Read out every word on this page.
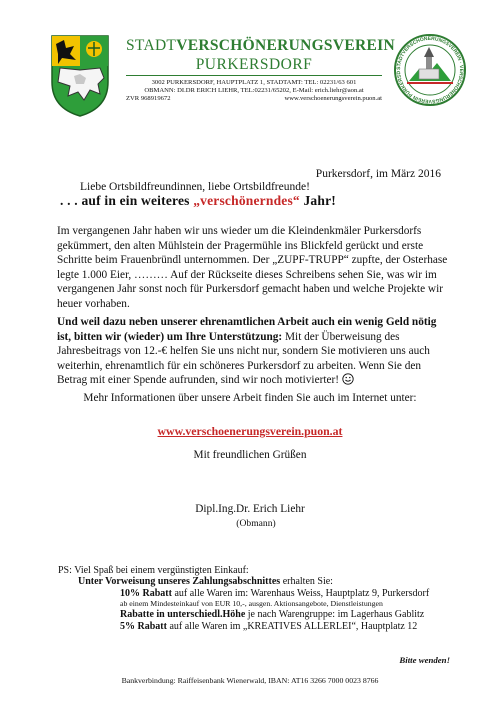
STADTVERSCHÖNERUNGSVEREIN
PURKERSDORF
3002 PURKERSDORF, HAUPTPLATZ 1, STADTAMT: TEL: 02231/63 601
OBMANN: DI.DR ERICH LIEHR, TEL:02231/65202, E-Mail: erich.liehr@aon.at
ZVR 968919672	www.verschoenerungsverein.puon.at
STADTVERSCHÖNERUNGSVEREIN · VERSCHÖNERUNGSVEREIN PURKERSD
Purkersdorf, im März 2016
Liebe Ortsbildfreundinnen, liebe Ortsbildfreunde!
. . . auf in ein weiteres „verschönerndes“ Jahr!
Im vergangenen Jahr haben wir uns wieder um die Kleindenkmäler Purkersdorfs gekümmert, den alten Mühlstein der Pragermühle ins Blickfeld gerückt und erste Schritte beim Frauenbründl unternommen. Der „ZUPF-TRUPP“ zupfte, der Osterhase legte 1.000 Eier, ……… Auf der Rückseite dieses Schreibens sehen Sie, was wir im vergangenen Jahr sonst noch für Purkersdorf gemacht haben und welche Projekte wir heuer vorhaben.
Und weil dazu neben unserer ehrenamtlichen Arbeit auch ein wenig Geld nötig ist, bitten wir (wieder) um Ihre Unterstützung: Mit der Überweisung des Jahresbeitrags von 12.-€ helfen Sie uns nicht nur, sondern Sie motivieren uns auch weiterhin, ehrenamtlich für ein schöneres Purkersdorf zu arbeiten. Wenn Sie den Betrag mit einer Spende aufrunden, sind wir noch motivierter!
Mehr Informationen über unsere Arbeit finden Sie auch im Internet unter:
www.verschoenerungsverein.puon.at
Mit freundlichen Grüßen
Dipl.Ing.Dr. Erich Liehr
(Obmann)
PS: Viel Spaß bei einem vergünstigten Einkauf:
Unter Vorweisung unseres Zahlungsabschnittes erhalten Sie:
10% Rabatt auf alle Waren im: Warenhaus Weiss, Hauptplatz 9, Purkersdorf
ab einem Mindesteinkauf von EUR 10,-, ausgen. Aktionsangebote, Dienstleistungen
Rabatte in unterschiedl.Höhe je nach Warengruppe: im Lagerhaus Gablitz
5% Rabatt auf alle Waren im „KREATIVES ALLERLEI“, Hauptplatz 12
Bitte wenden!
Bankverbindung: Raiffeisenbank Wienerwald, IBAN: AT16 3266 7000 0023 8766
